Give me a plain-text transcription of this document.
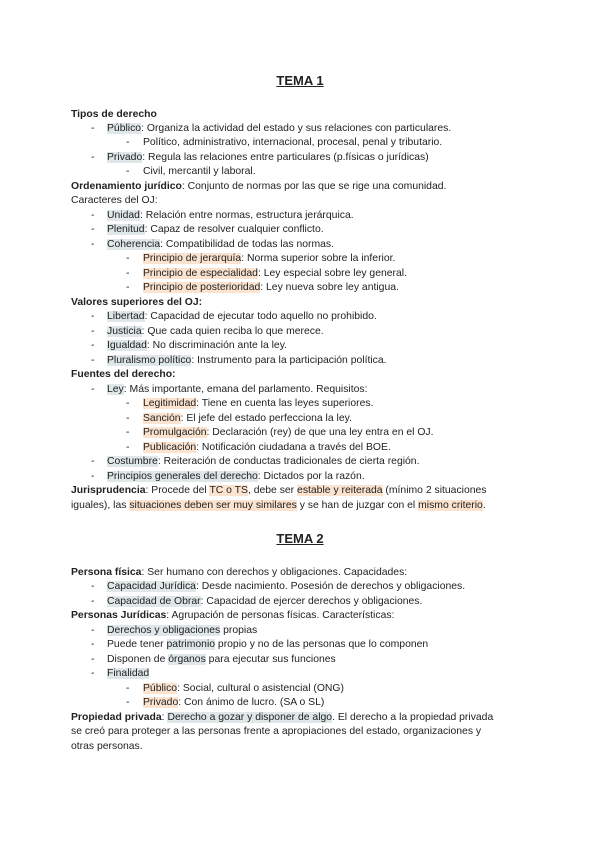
TEMA 1
Tipos de derecho
- Público: Organiza la actividad del estado y sus relaciones con particulares.
- Político, administrativo, internacional, procesal, penal y tributario.
- Privado: Regula las relaciones entre particulares (p.físicas o jurídicas)
- Civil, mercantil y laboral.
Ordenamiento jurídico: Conjunto de normas por las que se rige una comunidad.
Caracteres del OJ:
- Unidad: Relación entre normas, estructura jerárquica.
- Plenitud: Capaz de resolver cualquier conflicto.
- Coherencia: Compatibilidad de todas las normas.
- Principio de jerarquía: Norma superior sobre la inferior.
- Principio de especialidad: Ley especial sobre ley general.
- Principio de posterioridad: Ley nueva sobre ley antigua.
Valores superiores del OJ:
- Libertad: Capacidad de ejecutar todo aquello no prohibido.
- Justicia: Que cada quien reciba lo que merece.
- Igualdad: No discriminación ante la ley.
- Pluralismo político: Instrumento para la participación política.
Fuentes del derecho:
- Ley: Más importante, emana del parlamento. Requisitos:
- Legitimidad: Tiene en cuenta las leyes superiores.
- Sanción: El jefe del estado perfecciona la ley.
- Promulgación: Declaración (rey) de que una ley entra en el OJ.
- Publicación: Notificación ciudadana a través del BOE.
- Costumbre: Reiteración de conductas tradicionales de cierta región.
- Principios generales del derecho: Dictados por la razón.
Jurisprudencia: Procede del TC o TS, debe ser estable y reiterada (mínimo 2 situaciones
iguales), las situaciones deben ser muy similares y se han de juzgar con el mismo criterio.
TEMA 2
Persona física: Ser humano con derechos y obligaciones. Capacidades:
- Capacidad Jurídica: Desde nacimiento. Posesión de derechos y obligaciones.
- Capacidad de Obrar: Capacidad de ejercer derechos y obligaciones.
Personas Jurídicas: Agrupación de personas físicas. Características:
- Derechos y obligaciones propias
- Puede tener patrimonio propio y no de las personas que lo componen
- Disponen de órganos para ejecutar sus funciones
- Finalidad
- Público: Social, cultural o asistencial (ONG)
- Privado: Con ánimo de lucro. (SA o SL)
Propiedad privada: Derecho a gozar y disponer de algo. El derecho a la propiedad privada
se creó para proteger a las personas frente a apropiaciones del estado, organizaciones y
otras personas.
